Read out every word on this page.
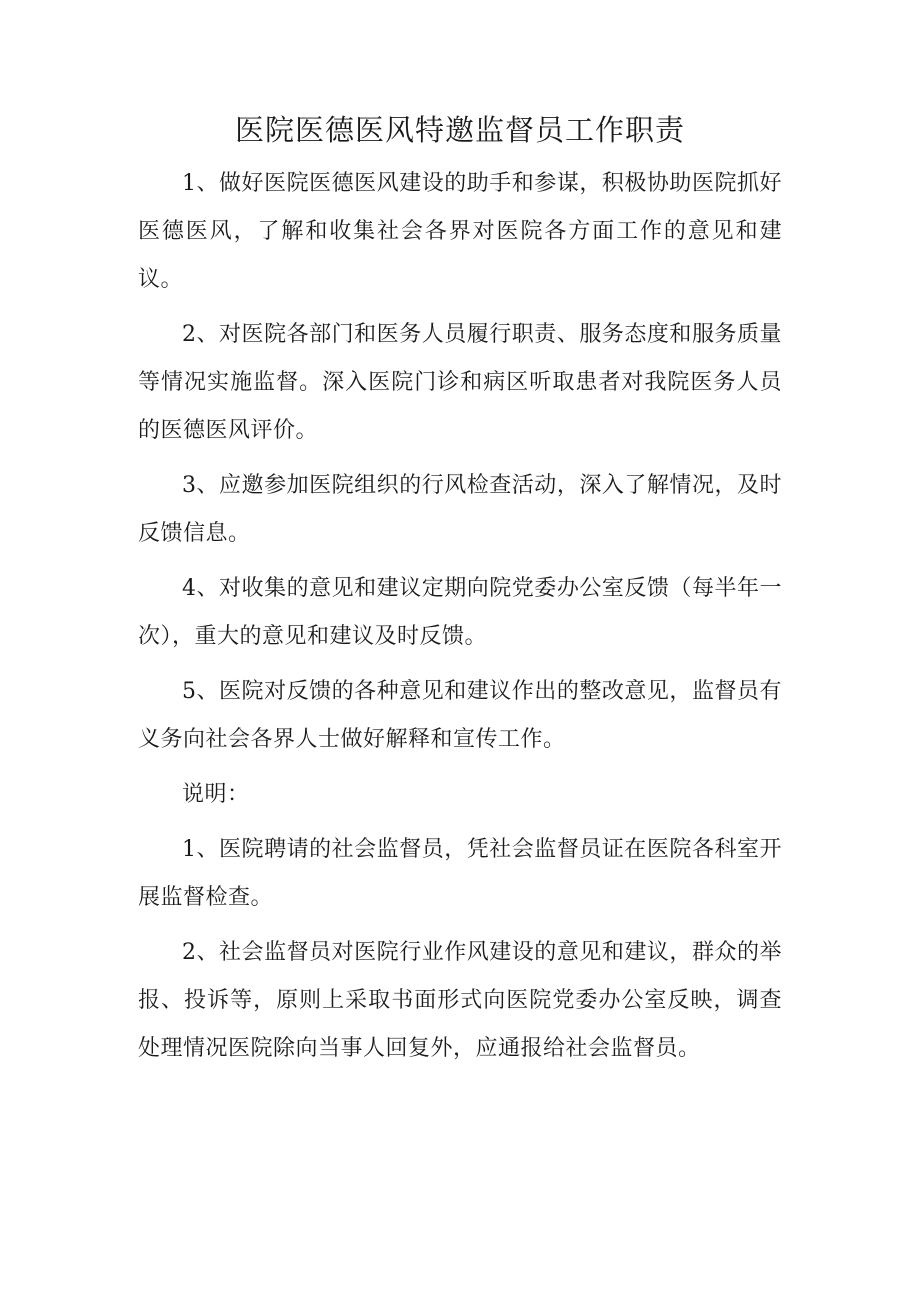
医院医德医风特邀监督员工作职责

1、做好医院医德医风建设的助手和参谋，积极协助医院抓好医德医风，了解和收集社会各界对医院各方面工作的意见和建议。

2、对医院各部门和医务人员履行职责、服务态度和服务质量等情况实施监督。深入医院门诊和病区听取患者对我院医务人员的医德医风评价。

3、应邀参加医院组织的行风检查活动，深入了解情况，及时反馈信息。

4、对收集的意见和建议定期向院党委办公室反馈（每半年一次），重大的意见和建议及时反馈。

5、医院对反馈的各种意见和建议作出的整改意见，监督员有义务向社会各界人士做好解释和宣传工作。

说明：

1、医院聘请的社会监督员，凭社会监督员证在医院各科室开展监督检查。

2、社会监督员对医院行业作风建设的意见和建议，群众的举报、投诉等，原则上采取书面形式向医院党委办公室反映，调查处理情况医院除向当事人回复外，应通报给社会监督员。
